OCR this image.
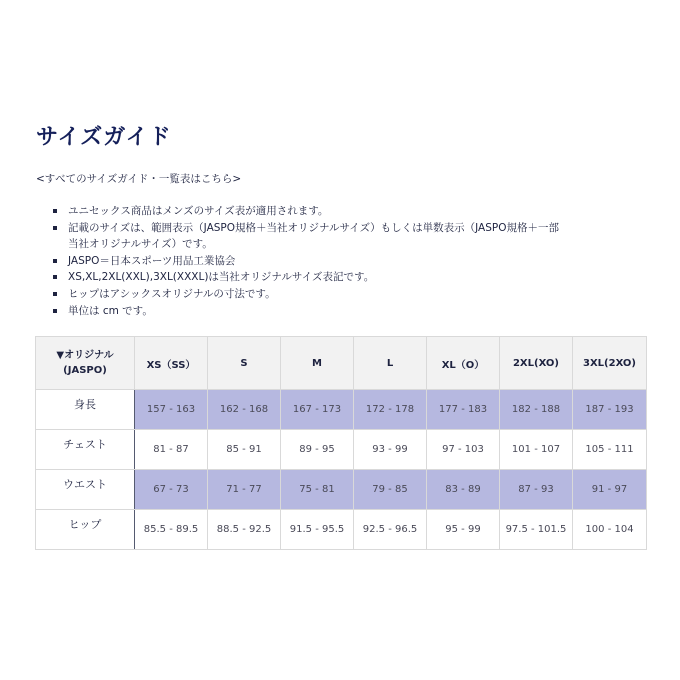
サイズガイド
<すべてのサイズガイド・一覧表はこちら>
ユニセックス商品はメンズのサイズ表が適用されます。
記載のサイズは、範囲表示（JASPO規格＋当社オリジナルサイズ）もしくは単数表示（JASPO規格＋一部
当社オリジナルサイズ）です。
JASPO＝日本スポーツ用品工業協会
XS,XL,2XL(XXL),3XL(XXXL)は当社オリジナルサイズ表記です。
ヒップはアシックスオリジナルの寸法です。
単位は cm です。
▼オリジナル
(JASPO)	XS（SS）	S	M	L	XL（O）	2XL(XO)	3XL(2XO)
身長	157 - 163	162 - 168	167 - 173	172 - 178	177 - 183	182 - 188	187 - 193
チェスト	81 - 87	85 - 91	89 - 95	93 - 99	97 - 103	101 - 107	105 - 111
ウエスト	67 - 73	71 - 77	75 - 81	79 - 85	83 - 89	87 - 93	91 - 97
ヒップ	85.5 - 89.5	88.5 - 92.5	91.5 - 95.5	92.5 - 96.5	95 - 99	97.5 - 101.5	100 - 104
